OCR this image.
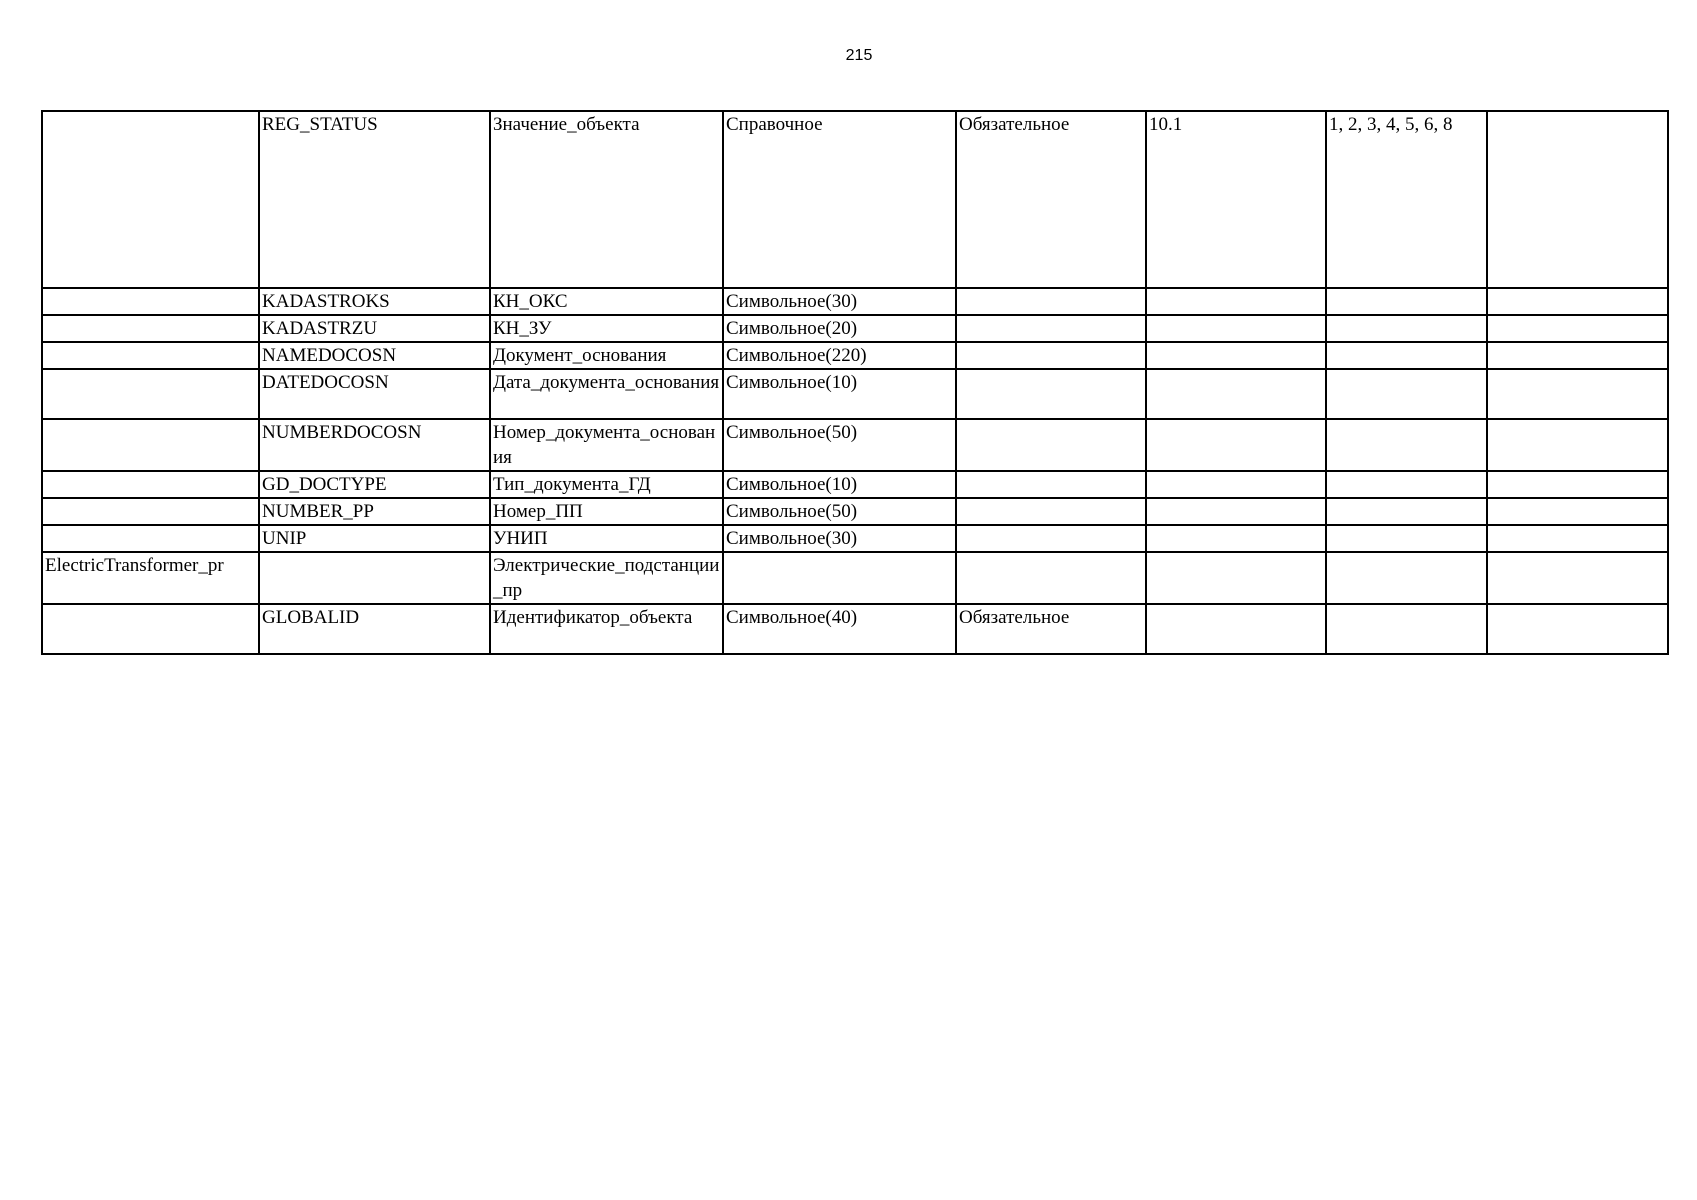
215
	REG_STATUS	Значение_объекта	Справочное	Обязательное	10.1	1, 2, 3, 4, 5, 6, 8	
	KADASTROKS	КН_ОКС	Символьное(30)				
	KADASTRZU	КН_ЗУ	Символьное(20)				
	NAMEDOCOSN	Документ_основания	Символьное(220)				
	DATEDOCOSN	Дата_документа_основания	Символьное(10)				
	NUMBERDOCOSN	Номер_документа_основания	Символьное(50)				
	GD_DOCTYPE	Тип_документа_ГД	Символьное(10)				
	NUMBER_PP	Номер_ПП	Символьное(50)				
	UNIP	УНИП	Символьное(30)				
ElectricTransformer_pr		Электрические_подстанции_пр					
	GLOBALID	Идентификатор_объекта	Символьное(40)	Обязательное			
